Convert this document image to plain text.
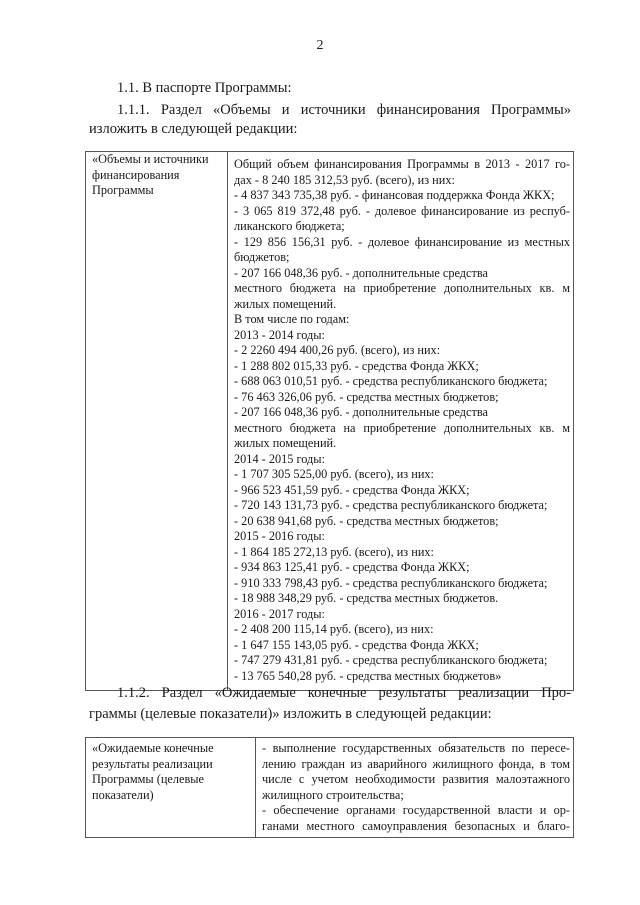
2
1.1. В паспорте Программы:
1.1.1. Раздел «Объемы и источники финансирования Программы»
изложить в следующей редакции:
«Объемы и источники
финансирования
Программы

Общий объем финансирования Программы в 2013 - 2017 го-
дах - 8 240 185 312,53 руб. (всего), из них:
- 4 837 343 735,38 руб. - финансовая поддержка Фонда ЖКХ;
- 3 065 819 372,48 руб. - долевое финансирование из респуб-
ликанского бюджета;
- 129 856 156,31 руб. - долевое финансирование из местных
бюджетов;
- 207 166 048,36 руб. - дополнительные средства
местного бюджета на приобретение дополнительных кв. м
жилых помещений.
В том числе по годам:
2013 - 2014 годы:
- 2 2260 494 400,26 руб. (всего), из них:
- 1 288 802 015,33 руб. - средства Фонда ЖКХ;
- 688 063 010,51 руб. - средства республиканского бюджета;
- 76 463 326,06 руб. - средства местных бюджетов;
- 207 166 048,36 руб. - дополнительные средства
местного бюджета на приобретение дополнительных кв. м
жилых помещений.
2014 - 2015 годы:
- 1 707 305 525,00 руб. (всего), из них:
- 966 523 451,59 руб. - средства Фонда ЖКХ;
- 720 143 131,73 руб. - средства республиканского бюджета;
- 20 638 941,68 руб. - средства местных бюджетов;
2015 - 2016 годы:
- 1 864 185 272,13 руб. (всего), из них:
- 934 863 125,41 руб. - средства Фонда ЖКХ;
- 910 333 798,43 руб. - средства республиканского бюджета;
- 18 988 348,29 руб. - средства местных бюджетов.
2016 - 2017 годы:
- 2 408 200 115,14 руб. (всего), из них:
- 1 647 155 143,05 руб. - средства Фонда ЖКХ;
- 747 279 431,81 руб. - средства республиканского бюджета;
- 13 765 540,28 руб. - средства местных бюджетов»
1.1.2. Раздел «Ожидаемые конечные результаты реализации Про-
граммы (целевые показатели)» изложить в следующей редакции:
«Ожидаемые конечные
результаты реализации
Программы (целевые
показатели)

- выполнение государственных обязательств по пересе-
лению граждан из аварийного жилищного фонда, в том
числе с учетом необходимости развития малоэтажного
жилищного строительства;
- обеспечение органами государственной власти и ор-
ганами местного самоуправления безопасных и благо-
